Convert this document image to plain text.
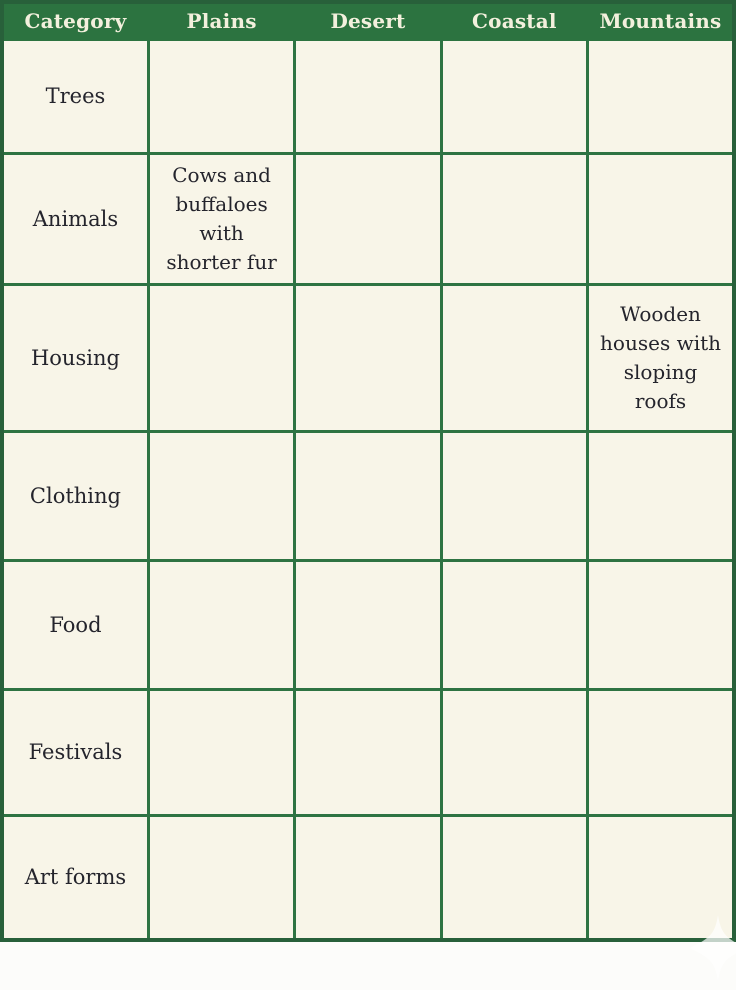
Category	Plains	Desert	Coastal	Mountains
Trees				
Animals	Cows and buffaloes with shorter fur			
Housing				Wooden houses with sloping roofs
Clothing				
Food				
Festivals				
Art forms				
